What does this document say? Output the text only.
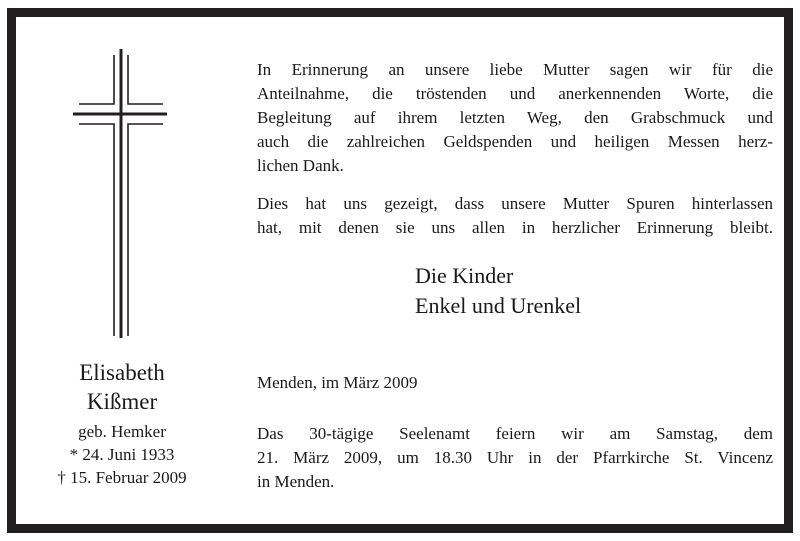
Elisabeth
Kißmer
geb. Hemker
* 24. Juni 1933
† 15. Februar 2009
In Erinnerung an unsere liebe Mutter sagen wir für die
Anteilnahme, die tröstenden und anerkennenden Worte, die
Begleitung auf ihrem letzten Weg, den Grabschmuck und
auch die zahlreichen Geldspenden und heiligen Messen herz-
lichen Dank.
Dies hat uns gezeigt, dass unsere Mutter Spuren hinterlassen
hat, mit denen sie uns allen in herzlicher Erinnerung bleibt.
Die Kinder
Enkel und Urenkel
Menden, im März 2009
Das 30-tägige Seelenamt feiern wir am Samstag, dem
21. März 2009, um 18.30 Uhr in der Pfarrkirche St. Vincenz
in Menden.
